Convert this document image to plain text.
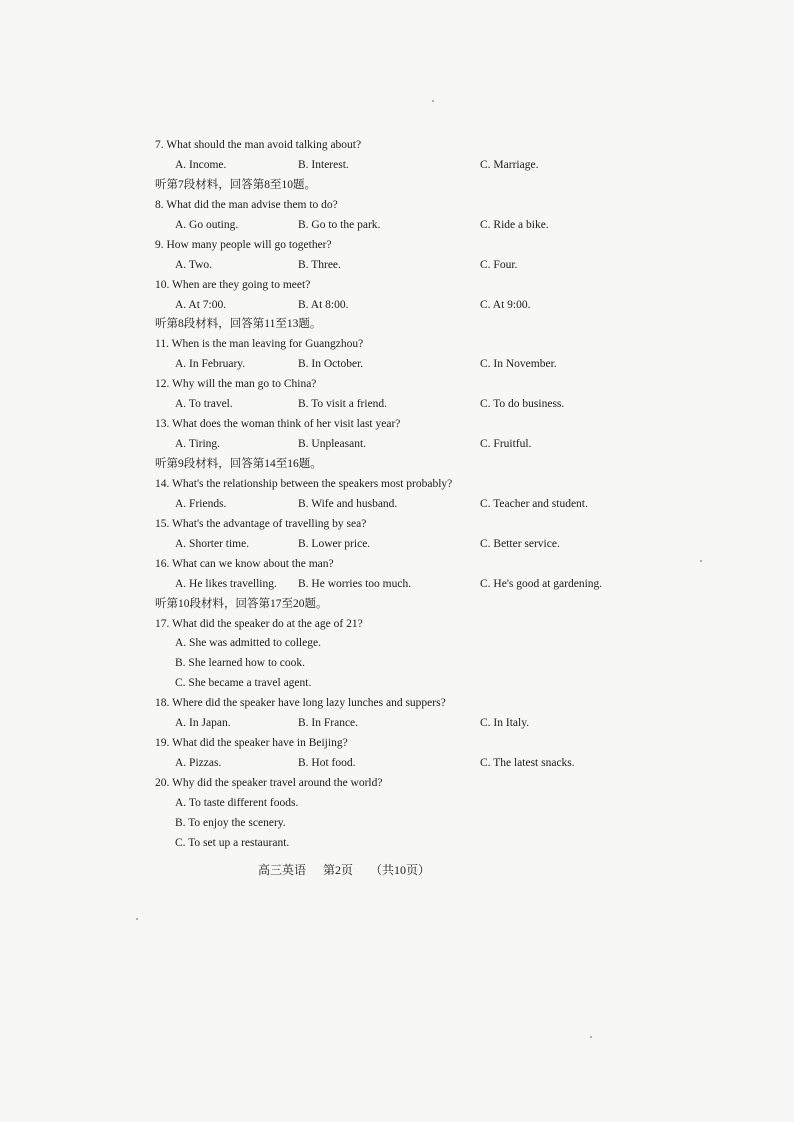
7. What should the man avoid talking about?
A. Income.	B. Interest.	C. Marriage.
听第7段材料，回答第8至10题。
8. What did the man advise them to do?
A. Go outing.	B. Go to the park.	C. Ride a bike.
9. How many people will go together?
A. Two.	B. Three.	C. Four.
10. When are they going to meet?
A. At 7:00.	B. At 8:00.	C. At 9:00.
听第8段材料，回答第11至13题。
11. When is the man leaving for Guangzhou?
A. In February.	B. In October.	C. In November.
12. Why will the man go to China?
A. To travel.	B. To visit a friend.	C. To do business.
13. What does the woman think of her visit last year?
A. Tiring.	B. Unpleasant.	C. Fruitful.
听第9段材料，回答第14至16题。
14. What's the relationship between the speakers most probably?
A. Friends.	B. Wife and husband.	C. Teacher and student.
15. What's the advantage of travelling by sea?
A. Shorter time.	B. Lower price.	C. Better service.
16. What can we know about the man?
A. He likes travelling. B. He worries too much.	C. He's good at gardening.
听第10段材料，回答第17至20题。
17. What did the speaker do at the age of 21?
A. She was admitted to college.
B. She learned how to cook.
C. She became a travel agent.
18. Where did the speaker have long lazy lunches and suppers?
A. In Japan.	B. In France.	C. In Italy.
19. What did the speaker have in Beijing?
A. Pizzas.	B. Hot food.	C. The latest snacks.
20. Why did the speaker travel around the world?
A. To taste different foods.
B. To enjoy the scenery.
C. To set up a restaurant.
高三英语 第2页 （共10页）
